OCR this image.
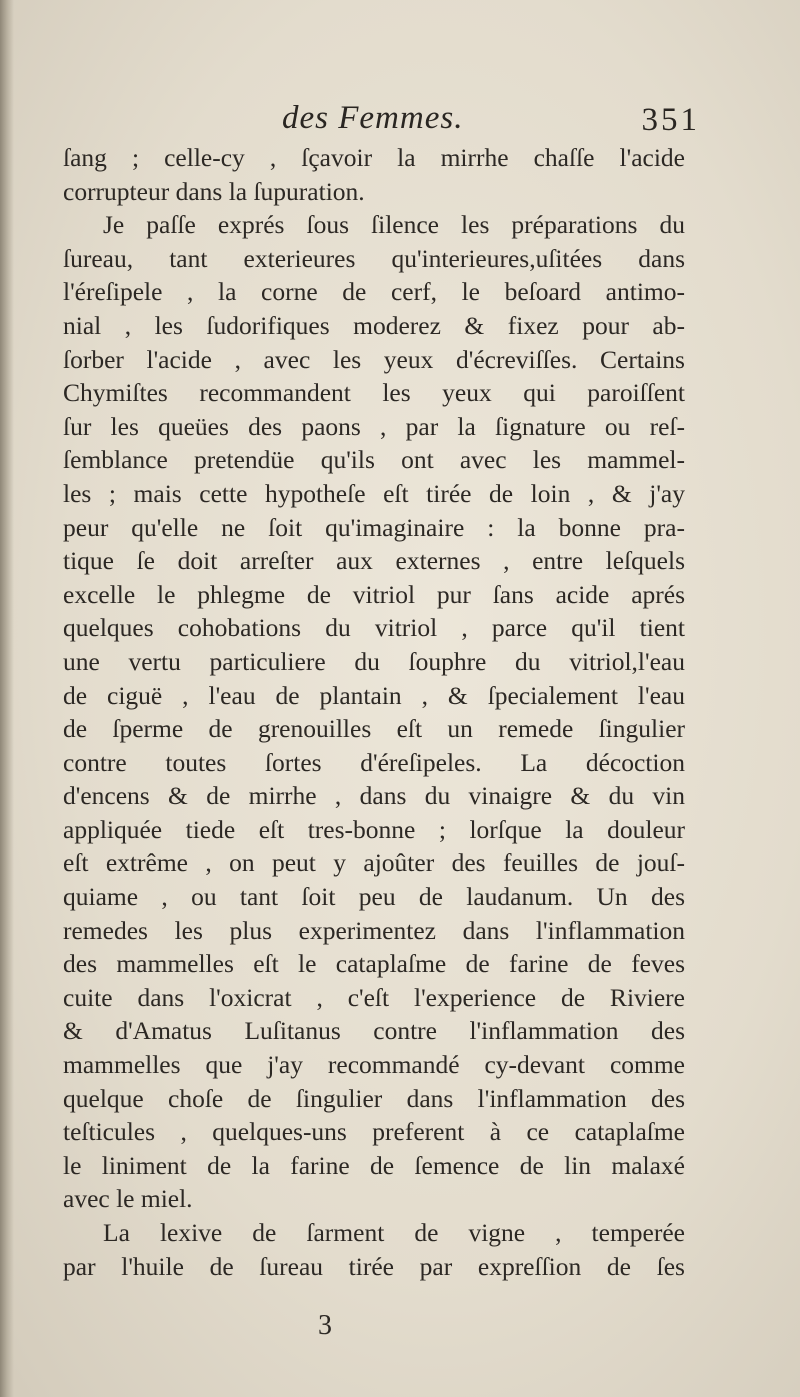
des Femmes.	351
ſang ; celle-cy , ſçavoir la mirrhe chaſſe l'acide
corrupteur dans la ſupuration.
Je paſſe exprés ſous ſilence les préparations du
ſureau, tant exterieures qu'interieures,uſitées dans
l'éreſipele , la corne de cerf, le beſoard antimo-
nial , les ſudorifiques moderez & fixez pour ab-
ſorber l'acide , avec les yeux d'écreviſſes. Certains
Chymiſtes recommandent les yeux qui paroiſſent
ſur les queües des paons , par la ſignature ou reſ-
ſemblance pretendüe qu'ils ont avec les mammel-
les ; mais cette hypotheſe eſt tirée de loin , & j'ay
peur qu'elle ne ſoit qu'imaginaire : la bonne pra-
tique ſe doit arreſter aux externes , entre leſquels
excelle le phlegme de vitriol pur ſans acide aprés
quelques cohobations du vitriol , parce qu'il tient
une vertu particuliere du ſouphre du vitriol,l'eau
de ciguë , l'eau de plantain , & ſpecialement l'eau
de ſperme de grenouilles eſt un remede ſingulier
contre toutes ſortes d'éreſipeles. La décoction
d'encens & de mirrhe , dans du vinaigre & du vin
appliquée tiede eſt tres-bonne ; lorſque la douleur
eſt extrême , on peut y ajoûter des feuilles de jouſ-
quiame , ou tant ſoit peu de laudanum. Un des
remedes les plus experimentez dans l'inflammation
des mammelles eſt le cataplaſme de farine de feves
cuite dans l'oxicrat , c'eſt l'experience de Riviere
& d'Amatus Luſitanus contre l'inflammation des
mammelles que j'ay recommandé cy-devant comme
quelque choſe de ſingulier dans l'inflammation des
teſticules , quelques-uns preferent à ce cataplaſme
le liniment de la farine de ſemence de lin malaxé
avec le miel.
La lexive de ſarment de vigne , temperée
par l'huile de ſureau tirée par expreſſion de ſes
3
